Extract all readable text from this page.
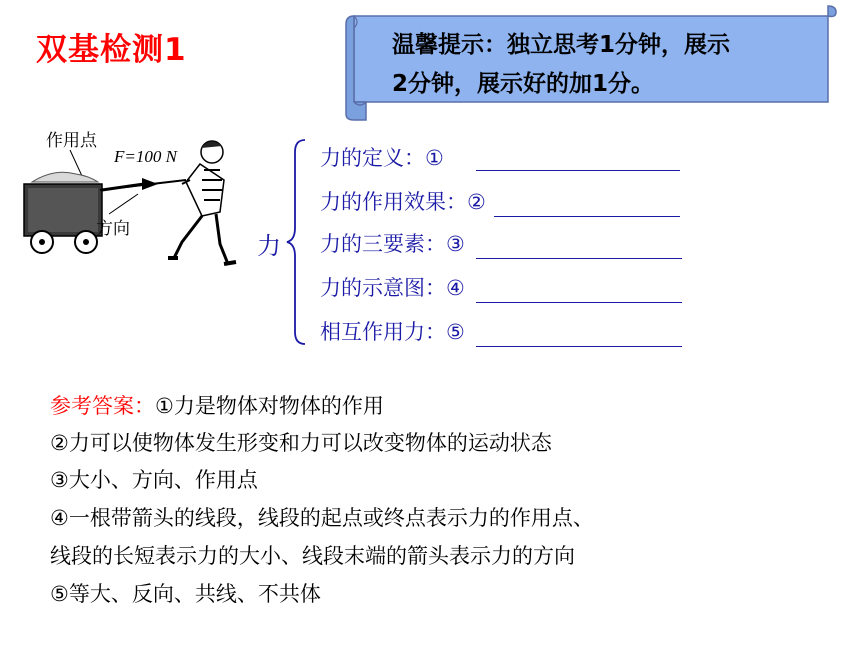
双基检测1	温馨提示：独立思考1分钟，展示
2分钟，展示好的加1分。
作用点
F=100 N
方向
力
力的定义：①
力的作用效果：②
力的三要素：③
力的示意图：④
相互作用力：⑤
参考答案：①力是物体对物体的作用
②力可以使物体发生形变和力可以改变物体的运动状态
③大小、方向、作用点
④一根带箭头的线段，线段的起点或终点表示力的作用点、
线段的长短表示力的大小、线段末端的箭头表示力的方向
⑤等大、反向、共线、不共体
